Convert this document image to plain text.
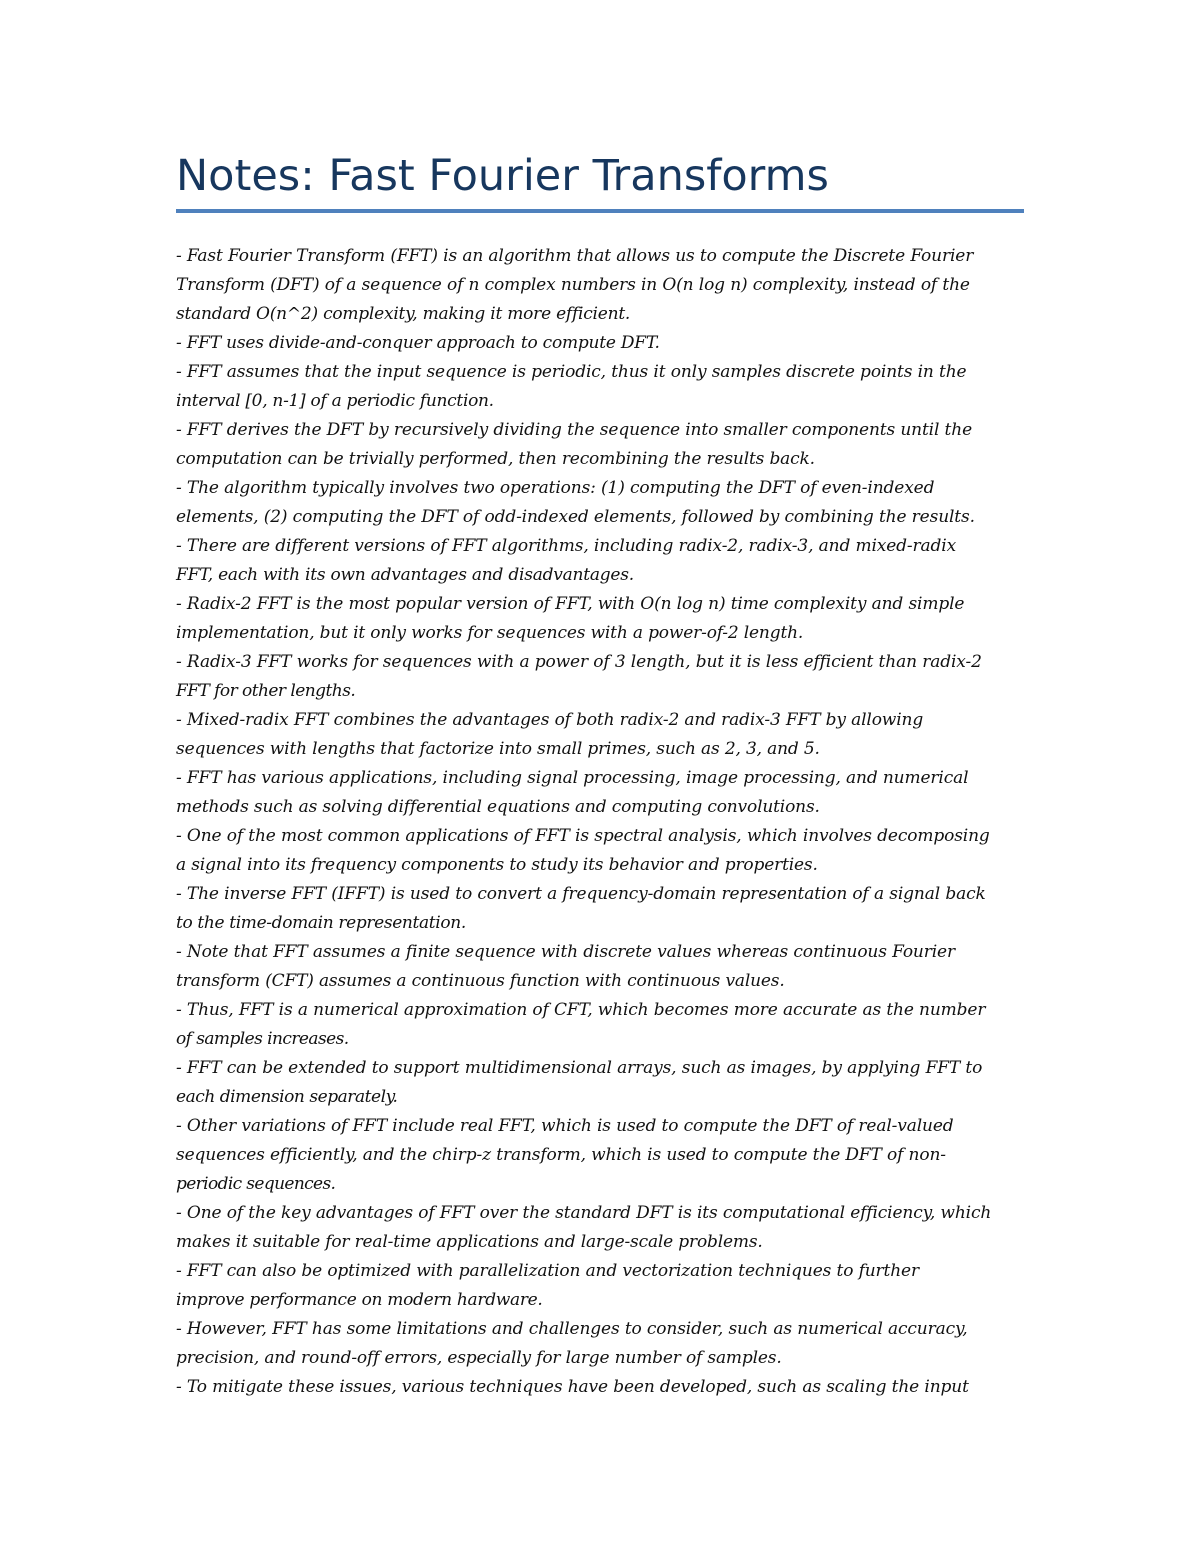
Notes: Fast Fourier Transforms
- Fast Fourier Transform (FFT) is an algorithm that allows us to compute the Discrete Fourier
Transform (DFT) of a sequence of n complex numbers in O(n log n) complexity, instead of the
standard O(n^2) complexity, making it more efficient.
- FFT uses divide-and-conquer approach to compute DFT.
- FFT assumes that the input sequence is periodic, thus it only samples discrete points in the
interval [0, n-1] of a periodic function.
- FFT derives the DFT by recursively dividing the sequence into smaller components until the
computation can be trivially performed, then recombining the results back.
- The algorithm typically involves two operations: (1) computing the DFT of even-indexed
elements, (2) computing the DFT of odd-indexed elements, followed by combining the results.
- There are different versions of FFT algorithms, including radix-2, radix-3, and mixed-radix
FFT, each with its own advantages and disadvantages.
- Radix-2 FFT is the most popular version of FFT, with O(n log n) time complexity and simple
implementation, but it only works for sequences with a power-of-2 length.
- Radix-3 FFT works for sequences with a power of 3 length, but it is less efficient than radix-2
FFT for other lengths.
- Mixed-radix FFT combines the advantages of both radix-2 and radix-3 FFT by allowing
sequences with lengths that factorize into small primes, such as 2, 3, and 5.
- FFT has various applications, including signal processing, image processing, and numerical
methods such as solving differential equations and computing convolutions.
- One of the most common applications of FFT is spectral analysis, which involves decomposing
a signal into its frequency components to study its behavior and properties.
- The inverse FFT (IFFT) is used to convert a frequency-domain representation of a signal back
to the time-domain representation.
- Note that FFT assumes a finite sequence with discrete values whereas continuous Fourier
transform (CFT) assumes a continuous function with continuous values.
- Thus, FFT is a numerical approximation of CFT, which becomes more accurate as the number
of samples increases.
- FFT can be extended to support multidimensional arrays, such as images, by applying FFT to
each dimension separately.
- Other variations of FFT include real FFT, which is used to compute the DFT of real-valued
sequences efficiently, and the chirp-z transform, which is used to compute the DFT of non-
periodic sequences.
- One of the key advantages of FFT over the standard DFT is its computational efficiency, which
makes it suitable for real-time applications and large-scale problems.
- FFT can also be optimized with parallelization and vectorization techniques to further
improve performance on modern hardware.
- However, FFT has some limitations and challenges to consider, such as numerical accuracy,
precision, and round-off errors, especially for large number of samples.
- To mitigate these issues, various techniques have been developed, such as scaling the input
